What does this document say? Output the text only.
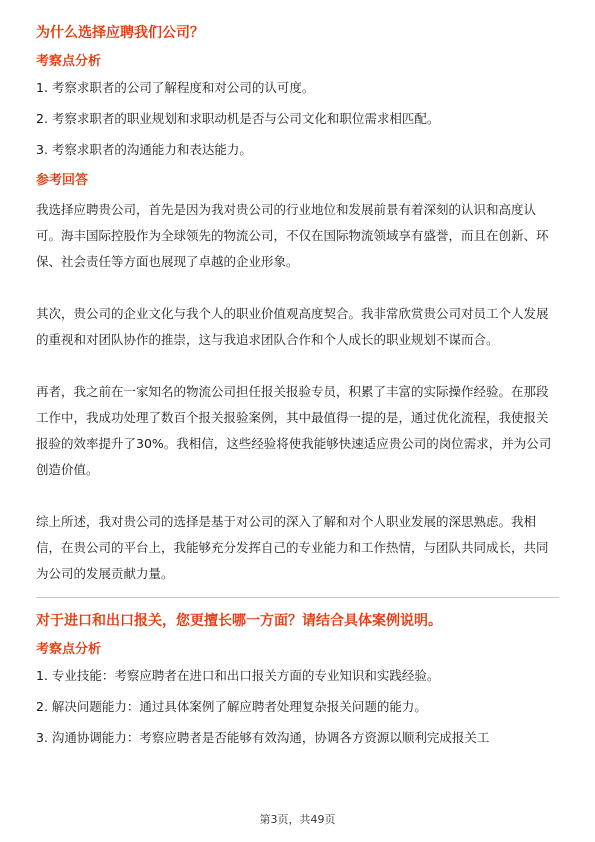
为什么选择应聘我们公司？
考察点分析
1. 考察求职者的公司了解程度和对公司的认可度。
2. 考察求职者的职业规划和求职动机是否与公司文化和职位需求相匹配。
3. 考察求职者的沟通能力和表达能力。
参考回答

我选择应聘贵公司，首先是因为我对贵公司的行业地位和发展前景有着深刻的认识和高度认可。海丰国际控股作为全球领先的物流公司，不仅在国际物流领域享有盛誉，而且在创新、环保、社会责任等方面也展现了卓越的企业形象。

其次，贵公司的企业文化与我个人的职业价值观高度契合。我非常欣赏贵公司对员工个人发展的重视和对团队协作的推崇，这与我追求团队合作和个人成长的职业规划不谋而合。

再者，我之前在一家知名的物流公司担任报关报验专员，积累了丰富的实际操作经验。在那段工作中，我成功处理了数百个报关报验案例，其中最值得一提的是，通过优化流程，我使报关报验的效率提升了30%。我相信，这些经验将使我能够快速适应贵公司的岗位需求，并为公司创造价值。

综上所述，我对贵公司的选择是基于对公司的深入了解和对个人职业发展的深思熟虑。我相信，在贵公司的平台上，我能够充分发挥自己的专业能力和工作热情，与团队共同成长，共同为公司的发展贡献力量。

对于进口和出口报关，您更擅长哪一方面？请结合具体案例说明。
考察点分析
1. 专业技能：考察应聘者在进口和出口报关方面的专业知识和实践经验。
2. 解决问题能力：通过具体案例了解应聘者处理复杂报关问题的能力。
3. 沟通协调能力：考察应聘者是否能够有效沟通，协调各方资源以顺利完成报关工
第3页，共49页
